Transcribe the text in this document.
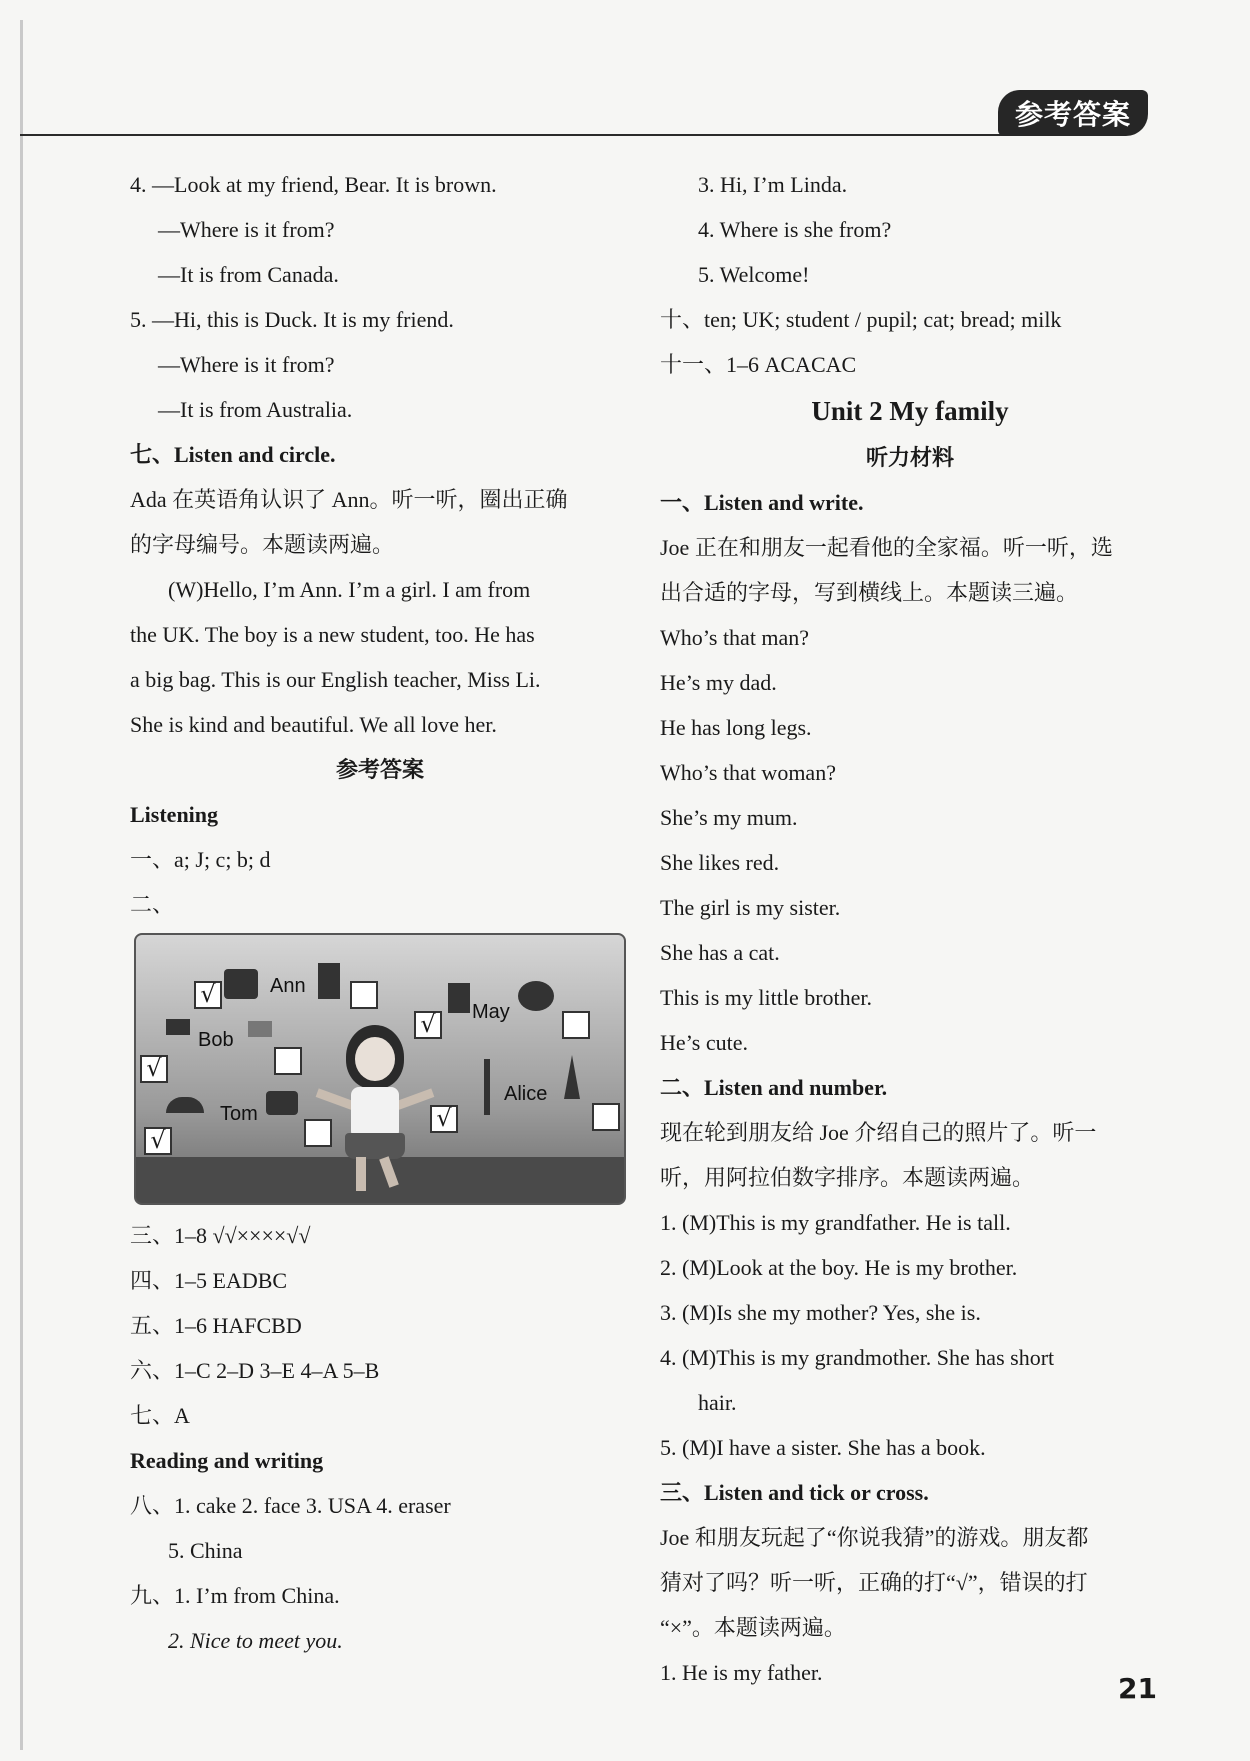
参考答案
4. —Look at my friend, Bear. It is brown.
—Where is it from?
—It is from Canada.
5. —Hi, this is Duck. It is my friend.
—Where is it from?
—It is from Australia.
七、Listen and circle.
Ada 在英语角认识了 Ann。听一听，圈出正确
的字母编号。本题读两遍。
(W)Hello, I’m Ann. I’m a girl. I am from
the UK. The boy is a new student, too. He has
a big bag. This is our English teacher, Miss Li.
She is kind and beautiful. We all love her.
参考答案
Listening
一、a; J; c; b; d
二、
Ann
May
Bob
Alice
Tom
√
√
√
√
√
三、1–8 √√××××√√
四、1–5 EADBC
五、1–6 HAFCBD
六、1–C 2–D 3–E 4–A 5–B
七、A
Reading and writing
八、1. cake 2. face 3. USA 4. eraser
5. China
九、1. I’m from China.
2. Nice to meet you.
3. Hi, I’m Linda.
4. Where is she from?
5. Welcome!
十、ten; UK; student / pupil; cat; bread; milk
十一、1–6 ACACAC
Unit 2 My family
听力材料
一、Listen and write.
Joe 正在和朋友一起看他的全家福。听一听，选
出合适的字母，写到横线上。本题读三遍。
Who’s that man?
He’s my dad.
He has long legs.
Who’s that woman?
She’s my mum.
She likes red.
The girl is my sister.
She has a cat.
This is my little brother.
He’s cute.
二、Listen and number.
现在轮到朋友给 Joe 介绍自己的照片了。听一
听，用阿拉伯数字排序。本题读两遍。
1. (M)This is my grandfather. He is tall.
2. (M)Look at the boy. He is my brother.
3. (M)Is she my mother? Yes, she is.
4. (M)This is my grandmother. She has short
hair.
5. (M)I have a sister. She has a book.
三、Listen and tick or cross.
Joe 和朋友玩起了“你说我猜”的游戏。朋友都
猜对了吗？听一听，正确的打“√”，错误的打
“×”。本题读两遍。
1. He is my father.	21
